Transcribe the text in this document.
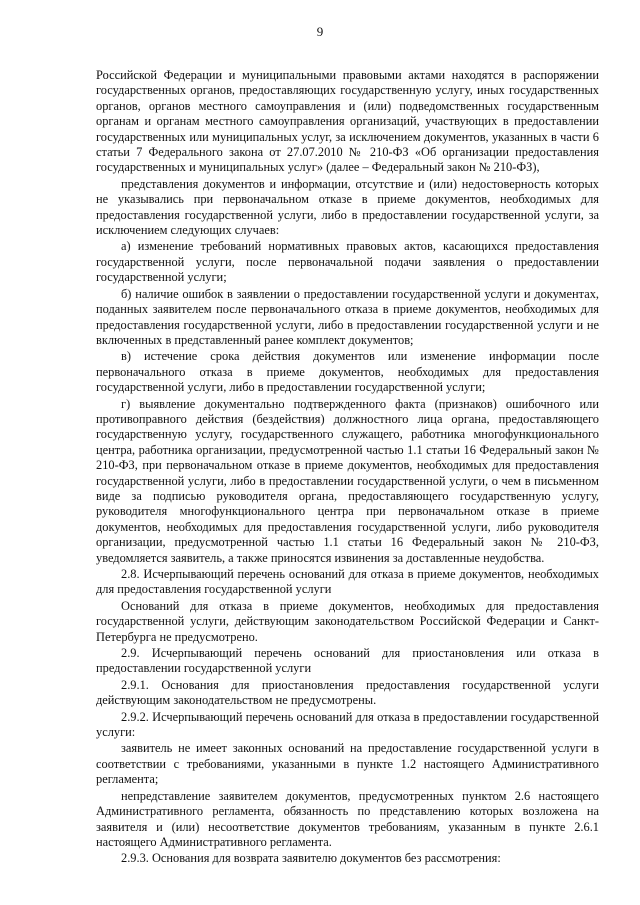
9

Российской Федерации и муниципальными правовыми актами находятся в распоряжении государственных органов, предоставляющих государственную услугу, иных государственных органов, органов местного самоуправления и (или) подведомственных государственным органам и органам местного самоуправления организаций, участвующих в предоставлении государственных или муниципальных услуг, за исключением документов, указанных в части 6 статьи 7 Федерального закона от 27.07.2010 № 210-ФЗ «Об организации предоставления государственных и муниципальных услуг» (далее – Федеральный закон № 210-ФЗ),

представления документов и информации, отсутствие и (или) недостоверность которых не указывались при первоначальном отказе в приеме документов, необходимых для предоставления государственной услуги, либо в предоставлении государственной услуги, за исключением следующих случаев:

а) изменение требований нормативных правовых актов, касающихся предоставления государственной услуги, после первоначальной подачи заявления о предоставлении государственной услуги;

б) наличие ошибок в заявлении о предоставлении государственной услуги и документах, поданных заявителем после первоначального отказа в приеме документов, необходимых для предоставления государственной услуги, либо в предоставлении государственной услуги и не включенных в представленный ранее комплект документов;

в) истечение срока действия документов или изменение информации после первоначального отказа в приеме документов, необходимых для предоставления государственной услуги, либо в предоставлении государственной услуги;

г) выявление документально подтвержденного факта (признаков) ошибочного или противоправного действия (бездействия) должностного лица органа, предоставляющего государственную услугу, государственного служащего, работника многофункционального центра, работника организации, предусмотренной частью 1.1 статьи 16 Федеральный закон № 210-ФЗ, при первоначальном отказе в приеме документов, необходимых для предоставления государственной услуги, либо в предоставлении государственной услуги, о чем в письменном виде за подписью руководителя органа, предоставляющего государственную услугу, руководителя многофункционального центра при первоначальном отказе в приеме документов, необходимых для предоставления государственной услуги, либо руководителя организации, предусмотренной частью 1.1 статьи 16 Федеральный закон № 210-ФЗ, уведомляется заявитель, а также приносятся извинения за доставленные неудобства.

2.8. Исчерпывающий перечень оснований для отказа в приеме документов, необходимых для предоставления государственной услуги

Оснований для отказа в приеме документов, необходимых для предоставления государственной услуги, действующим законодательством Российской Федерации и Санкт-Петербурга не предусмотрено.

2.9. Исчерпывающий перечень оснований для приостановления или отказа в предоставлении государственной услуги

2.9.1. Основания для приостановления предоставления государственной услуги действующим законодательством не предусмотрены.

2.9.2. Исчерпывающий перечень оснований для отказа в предоставлении государственной услуги:

заявитель не имеет законных оснований на предоставление государственной услуги в соответствии с требованиями, указанными в пункте 1.2 настоящего Административного регламента;

непредставление заявителем документов, предусмотренных пунктом 2.6 настоящего Административного регламента, обязанность по представлению которых возложена на заявителя и (или) несоответствие документов требованиям, указанным в пункте 2.6.1 настоящего Административного регламента.

2.9.3. Основания для возврата заявителю документов без рассмотрения:
